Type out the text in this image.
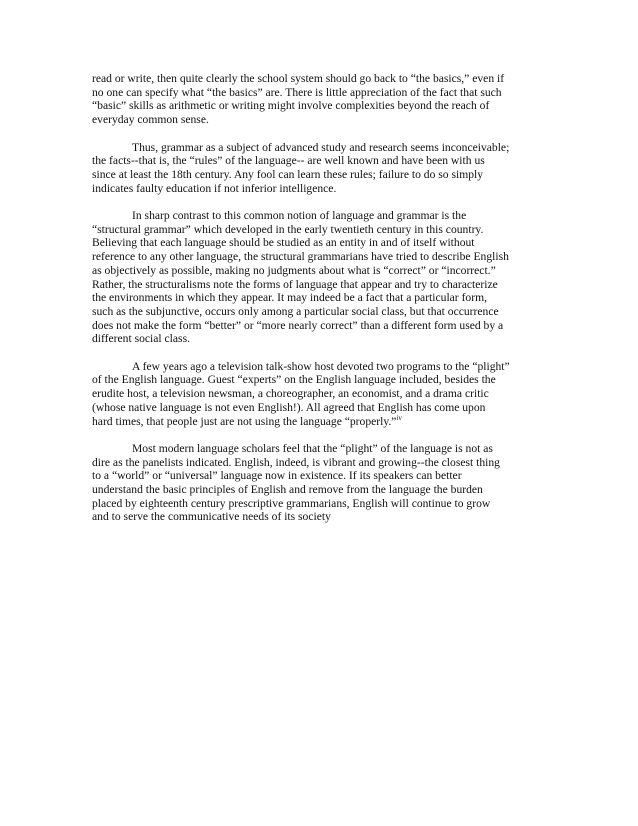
read or write, then quite clearly the school system should go back to “the basics,” even if
no one can specify what “the basics” are. There is little appreciation of the fact that such
“basic” skills as arithmetic or writing might involve complexities beyond the reach of
everyday common sense.

Thus, grammar as a subject of advanced study and research seems inconceivable;
the facts--that is, the “rules” of the language-- are well known and have been with us
since at least the 18th century. Any fool can learn these rules; failure to do so simply
indicates faulty education if not inferior intelligence.

In sharp contrast to this common notion of language and grammar is the
“structural grammar” which developed in the early twentieth century in this country.
Believing that each language should be studied as an entity in and of itself without
reference to any other language, the structural grammarians have tried to describe English
as objectively as possible, making no judgments about what is “correct” or “incorrect.”
Rather, the structuralisms note the forms of language that appear and try to characterize
the environments in which they appear. It may indeed be a fact that a particular form,
such as the subjunctive, occurs only among a particular social class, but that occurrence
does not make the form “better” or “more nearly correct” than a different form used by a
different social class.

A few years ago a television talk-show host devoted two programs to the “plight”
of the English language. Guest “experts” on the English language included, besides the
erudite host, a television newsman, a choreographer, an economist, and a drama critic
(whose native language is not even English!). All agreed that English has come upon
hard times, that people just are not using the language “properly.”$^{iv}$

Most modern language scholars feel that the “plight” of the language is not as
dire as the panelists indicated. English, indeed, is vibrant and growing--the closest thing
to a “world” or “universal” language now in existence. If its speakers can better
understand the basic principles of English and remove from the language the burden
placed by eighteenth century prescriptive grammarians, English will continue to grow
and to serve the communicative needs of its society
